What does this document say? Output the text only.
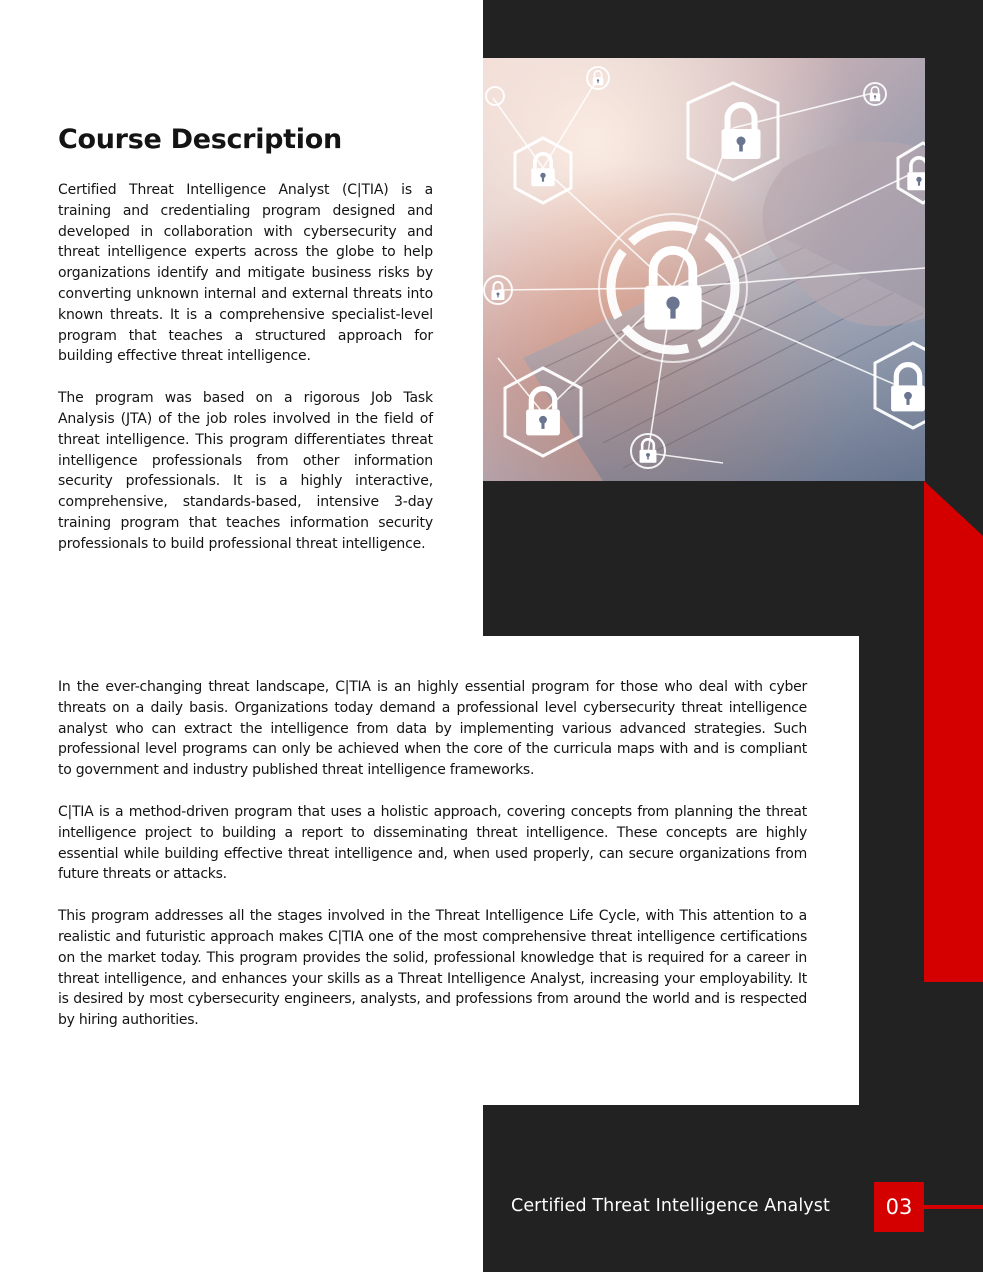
Course Description

Certified Threat Intelligence Analyst (C|TIA) is a training and credentialing program designed and developed in collaboration with cybersecurity and threat intelligence experts across the globe to help organizations identify and mitigate business risks by converting unknown internal and external threats into known threats. It is a comprehensive specialist-level program that teaches a structured approach for building effective threat intelligence.

The program was based on a rigorous Job Task Analysis (JTA) of the job roles involved in the field of threat intelligence. This program differentiates threat intelligence professionals from other information security professionals. It is a highly interactive, comprehensive, standards-based, intensive 3-day training program that teaches information security professionals to build professional threat intelligence.

In the ever-changing threat landscape, C|TIA is an highly essential program for those who deal with cyber threats on a daily basis. Organizations today demand a professional level cybersecurity threat intelligence analyst who can extract the intelligence from data by implementing various advanced strategies. Such professional level programs can only be achieved when the core of the curricula maps with and is compliant to government and industry published threat intelligence frameworks.

C|TIA is a method-driven program that uses a holistic approach, covering concepts from planning the threat intelligence project to building a report to disseminating threat intelligence. These concepts are highly essential while building effective threat intelligence and, when used properly, can secure organizations from future threats or attacks.

This program addresses all the stages involved in the Threat Intelligence Life Cycle, with This attention to a realistic and futuristic approach makes C|TIA one of the most comprehensive threat intelligence certifications on the market today. This program provides the solid, professional knowledge that is required for a career in threat intelligence, and enhances your skills as a Threat Intelligence Analyst, increasing your employability. It is desired by most cybersecurity engineers, analysts, and professions from around the world and is respected by hiring authorities.

Certified Threat Intelligence Analyst	03
